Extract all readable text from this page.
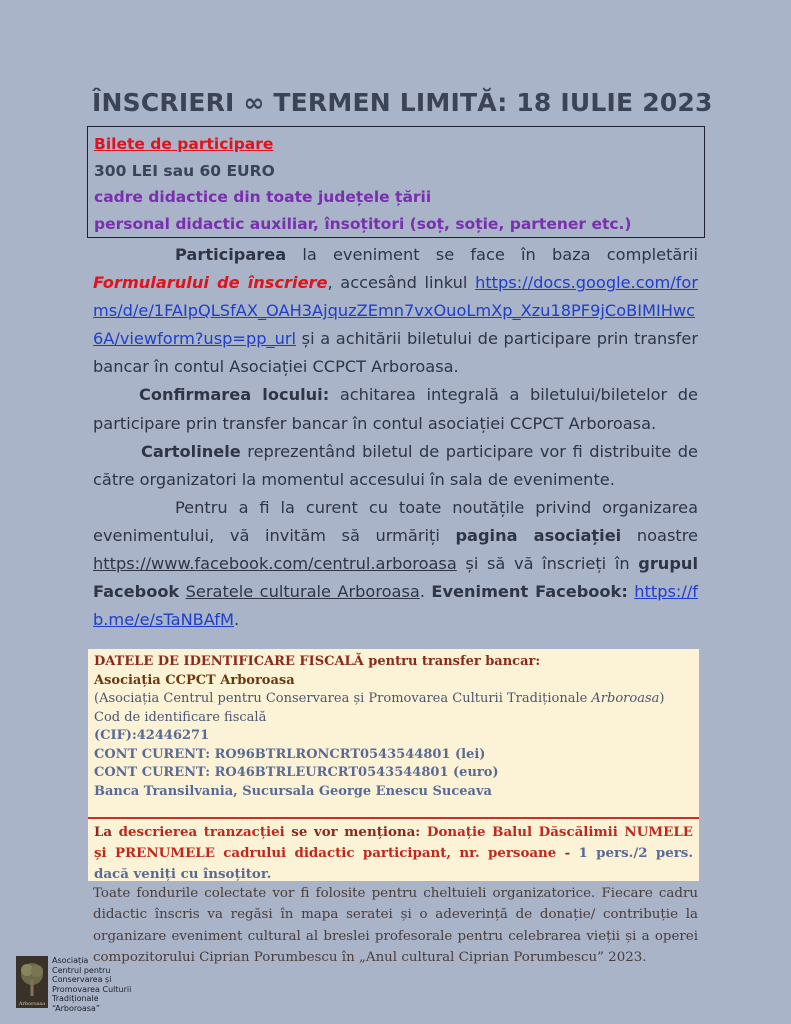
ÎNSCRIERI ∞ TERMEN LIMITĂ: 18 IULIE 2023
Bilete de participare
300 LEI sau 60 EURO
cadre didactice din toate județele țării
personal didactic auxiliar, însoțitori (soț, soție, partener etc.)

Participarea la eveniment se face în baza completării Formularului de înscriere, accesând linkul https://docs.google.com/forms/d/e/1FAIpQLSfAX_OAH3AjquzZEmn7vxOuoLmXp_Xzu18PF9jCoBIMIHwc6A/viewform?usp=pp_url și a achitării biletului de participare prin transfer bancar în contul Asociației CCPCT Arboroasa.

Confirmarea locului: achitarea integrală a biletului/biletelor de participare prin transfer bancar în contul asociației CCPCT Arboroasa.

Cartolinele reprezentând biletul de participare vor fi distribuite de către organizatori la momentul accesului în sala de evenimente.

Pentru a fi la curent cu toate noutățile privind organizarea evenimentului, vă invităm să urmăriți pagina asociației noastre https://www.facebook.com/centrul.arboroasa și să vă înscrieți în grupul Facebook Seratele culturale Arboroasa. Eveniment Facebook: https://fb.me/e/sTaNBAfM.

DATELE DE IDENTIFICARE FISCALĂ pentru transfer bancar:
Asociația CCPCT Arboroasa
(Asociația Centrul pentru Conservarea și Promovarea Culturii Tradiționale Arboroasa)
Cod de identificare fiscală
(CIF):42446271
CONT CURENT: RO96BTRLRONCRT0543544801 (lei)
CONT CURENT: RO46BTRLEURCRT0543544801 (euro)
Banca Transilvania, Sucursala George Enescu Suceava
La descrierea tranzacției se vor menționa: Donație Balul Dăscălimii NUMELE și PRENUMELE cadrului didactic participant, nr. persoane - 1 pers./2 pers. dacă veniți cu însoțitor.
Toate fondurile colectate vor fi folosite pentru cheltuieli organizatorice. Fiecare cadru didactic înscris va regăsi în mapa seratei și o adeverință de donație/ contribuție la organizare eveniment cultural al breslei profesorale pentru celebrarea vieții și a operei compozitorului Ciprian Porumbescu în „Anul cultural Ciprian Porumbescu” 2023.
Arboroasa
Asociația
Centrul pentru Conservarea și
Promovarea Culturii
Tradiționale
“Arboroasa”
